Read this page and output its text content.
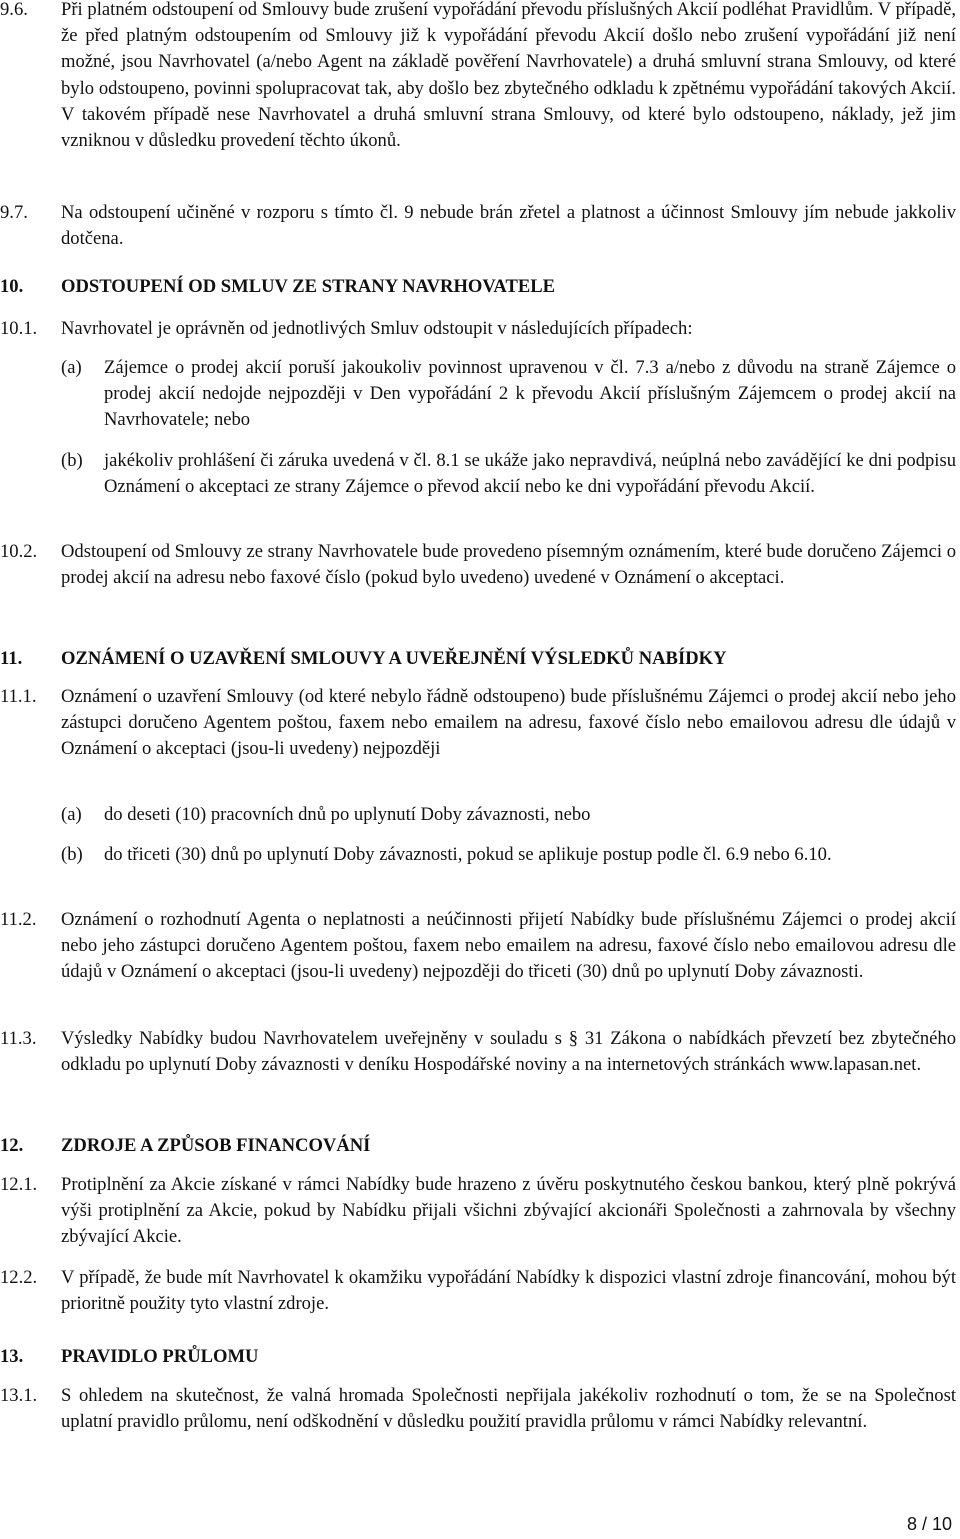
9.6.	Při platném odstoupení od Smlouvy bude zrušení vypořádání převodu příslušných Akcií podléhat Pravidlům. V případě, že před platným odstoupením od Smlouvy již k vypořádání převodu Akcií došlo nebo zrušení vypořádání již není možné, jsou Navrhovatel (a/nebo Agent na základě pověření Navrhovatele) a druhá smluvní strana Smlouvy, od které bylo odstoupeno, povinni spolupracovat tak, aby došlo bez zbytečného odkladu k zpětnému vypořádání takových Akcií. V takovém případě nese Navrhovatel a druhá smluvní strana Smlouvy, od které bylo odstoupeno, náklady, jež jim vzniknou v důsledku provedení těchto úkonů.
9.7.	Na odstoupení učiněné v rozporu s tímto čl. 9 nebude brán zřetel a platnost a účinnost Smlouvy jím nebude jakkoliv dotčena.
10.	ODSTOUPENÍ OD SMLUV ZE STRANY NAVRHOVATELE
10.1.	Navrhovatel je oprávněn od jednotlivých Smluv odstoupit v následujících případech:
(a) Zájemce o prodej akcií poruší jakoukoliv povinnost upravenou v čl. 7.3 a/nebo z důvodu na straně Zájemce o prodej akcií nedojde nejpozději v Den vypořádání 2 k převodu Akcií příslušným Zájemcem o prodej akcií na Navrhovatele; nebo
(b) jakékoliv prohlášení či záruka uvedená v čl. 8.1 se ukáže jako nepravdivá, neúplná nebo zavádějící ke dni podpisu Oznámení o akceptaci ze strany Zájemce o převod akcií nebo ke dni vypořádání převodu Akcií.
10.2.	Odstoupení od Smlouvy ze strany Navrhovatele bude provedeno písemným oznámením, které bude doručeno Zájemci o prodej akcií na adresu nebo faxové číslo (pokud bylo uvedeno) uvedené v Oznámení o akceptaci.
11.	OZNÁMENÍ O UZAVŘENÍ SMLOUVY A UVEŘEJNĚNÍ VÝSLEDKŮ NABÍDKY
11.1.	Oznámení o uzavření Smlouvy (od které nebylo řádně odstoupeno) bude příslušnému Zájemci o prodej akcií nebo jeho zástupci doručeno Agentem poštou, faxem nebo emailem na adresu, faxové číslo nebo emailovou adresu dle údajů v Oznámení o akceptaci (jsou-li uvedeny) nejpozději
(a) do deseti (10) pracovních dnů po uplynutí Doby závaznosti, nebo
(b) do třiceti (30) dnů po uplynutí Doby závaznosti, pokud se aplikuje postup podle čl. 6.9 nebo 6.10.
11.2.	Oznámení o rozhodnutí Agenta o neplatnosti a neúčinnosti přijetí Nabídky bude příslušnému Zájemci o prodej akcií nebo jeho zástupci doručeno Agentem poštou, faxem nebo emailem na adresu, faxové číslo nebo emailovou adresu dle údajů v Oznámení o akceptaci (jsou-li uvedeny) nejpozději do třiceti (30) dnů po uplynutí Doby závaznosti.
11.3.	Výsledky Nabídky budou Navrhovatelem uveřejněny v souladu s § 31 Zákona o nabídkách převzetí bez zbytečného odkladu po uplynutí Doby závaznosti v deníku Hospodářské noviny a na internetových stránkách www.lapasan.net.
12.	ZDROJE A ZPŮSOB FINANCOVÁNÍ
12.1.	Protiplnění za Akcie získané v rámci Nabídky bude hrazeno z úvěru poskytnutého českou bankou, který plně pokrývá výši protiplnění za Akcie, pokud by Nabídku přijali všichni zbývající akcionáři Společnosti a zahrnovala by všechny zbývající Akcie.
12.2.	V případě, že bude mít Navrhovatel k okamžiku vypořádání Nabídky k dispozici vlastní zdroje financování, mohou být prioritně použity tyto vlastní zdroje.
13.	PRAVIDLO PRŮLOMU
13.1.	S ohledem na skutečnost, že valná hromada Společnosti nepřijala jakékoliv rozhodnutí o tom, že se na Společnost uplatní pravidlo průlomu, není odškodnění v důsledku použití pravidla průlomu v rámci Nabídky relevantní.
8 / 10
